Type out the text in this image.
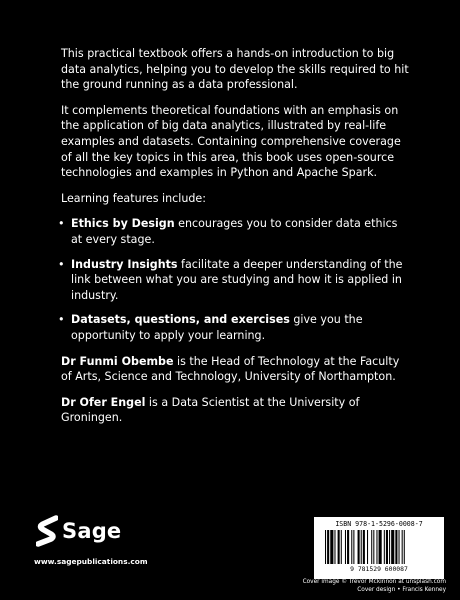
This practical textbook offers a hands-on introduction to big data analytics, helping you to develop the skills required to hit the ground running as a data professional.

It complements theoretical foundations with an emphasis on the application of big data analytics, illustrated by real-life examples and datasets. Containing comprehensive coverage of all the key topics in this area, this book uses open-source technologies and examples in Python and Apache Spark.

Learning features include:

• Ethics by Design encourages you to consider data ethics at every stage.
• Industry Insights facilitate a deeper understanding of the link between what you are studying and how it is applied in industry.
• Datasets, questions, and exercises give you the opportunity to apply your learning.

Dr Funmi Obembe is the Head of Technology at the Faculty of Arts, Science and Technology, University of Northampton.

Dr Ofer Engel is a Data Scientist at the University of Groningen.

Sage
www.sagepublications.com
ISBN 978-1-5296-0008-7
9 781529 600087
Cover image © Trevor Mckinnon at unsplash.com
Cover design • Francis Kenney
